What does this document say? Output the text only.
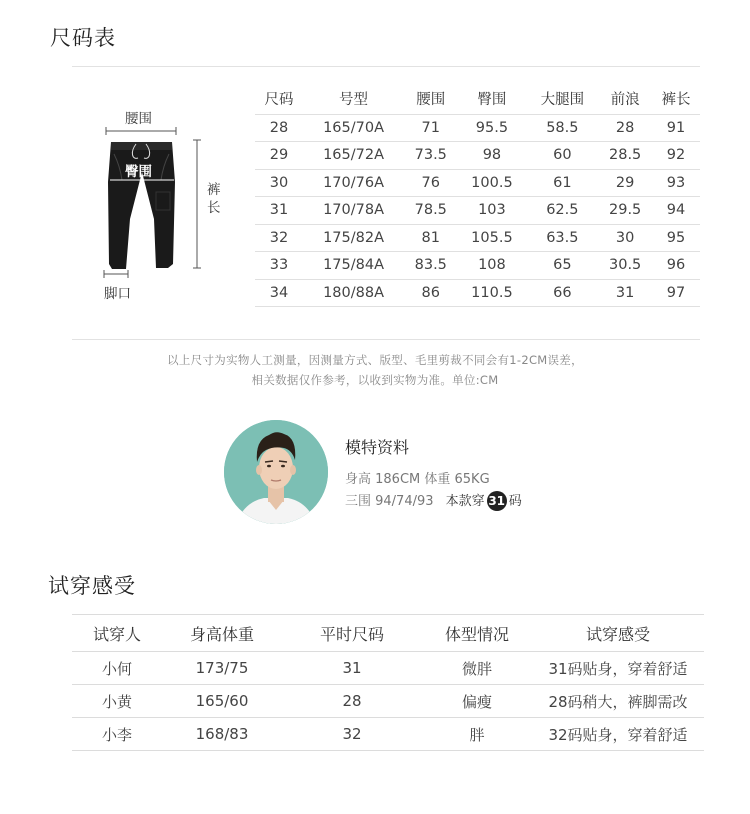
尺码表
腰围
臀围
裤
长
脚口
尺码	号型	腰围	臀围	大腿围	前浪	裤长
28	165/70A	71	95.5	58.5	28	91
29	165/72A	73.5	98	60	28.5	92
30	170/76A	76	100.5	61	29	93
31	170/78A	78.5	103	62.5	29.5	94
32	175/82A	81	105.5	63.5	30	95
33	175/84A	83.5	108	65	30.5	96
34	180/88A	86	110.5	66	31	97
以上尺寸为实物人工测量，因测量方式、版型、毛里剪裁不同会有1-2CM误差，
相关数据仅作参考，以收到实物为准。单位:CM
模特资料
身高 186CM 体重 65KG
三围 94/74/93 本款穿 31 码
试穿感受
试穿人	身高体重	平时尺码	体型情况	试穿感受
小何	173/75	31	微胖	31码贴身，穿着舒适
小黄	165/60	28	偏瘦	28码稍大，裤脚需改
小李	168/83	32	胖	32码贴身，穿着舒适
